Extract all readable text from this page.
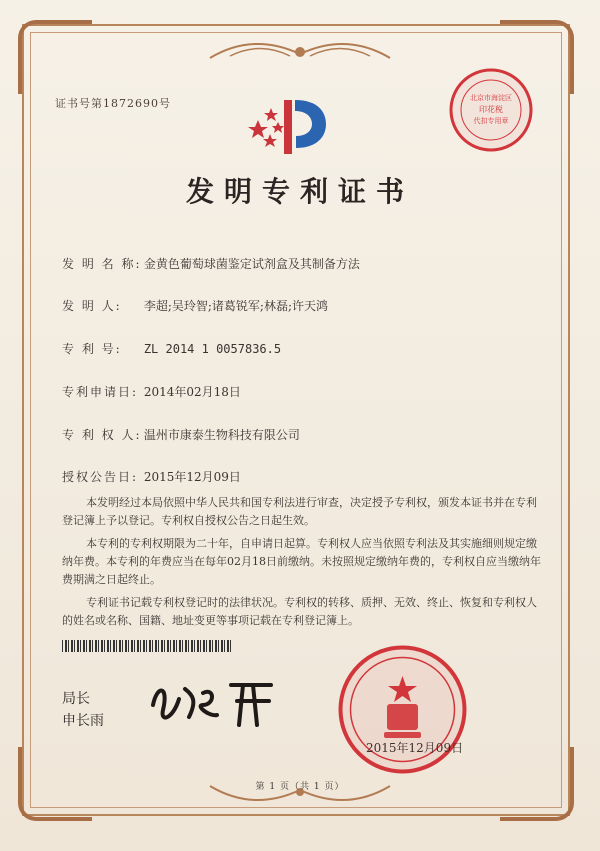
证书号第1872690号	北京市海淀区
印花税
代扣专用章
发明专利证书
发 明 名 称: 金黄色葡萄球菌鉴定试剂盒及其制备方法
发 明 人: 李超;吴玲智;诸葛锐军;林磊;许天鸿
专 利 号: ZL 2014 1 0057836.5
专利申请日: 2014年02月18日
专 利 权 人: 温州市康泰生物科技有限公司
授权公告日: 2015年12月09日

本发明经过本局依照中华人民共和国专利法进行审查，决定授予专利权，颁发本证书并在专利登记簿上予以登记。专利权自授权公告之日起生效。

本专利的专利权期限为二十年，自申请日起算。专利权人应当依照专利法及其实施细则规定缴纳年费。本专利的年费应当在每年02月18日前缴纳。未按照规定缴纳年费的，专利权自应当缴纳年费期满之日起终止。

专利证书记载专利权登记时的法律状况。专利权的转移、质押、无效、终止、恢复和专利权人的姓名或名称、国籍、地址变更等事项记载在专利登记簿上。

局长
申长雨
2015年12月09日
第 1 页（共 1 页）
